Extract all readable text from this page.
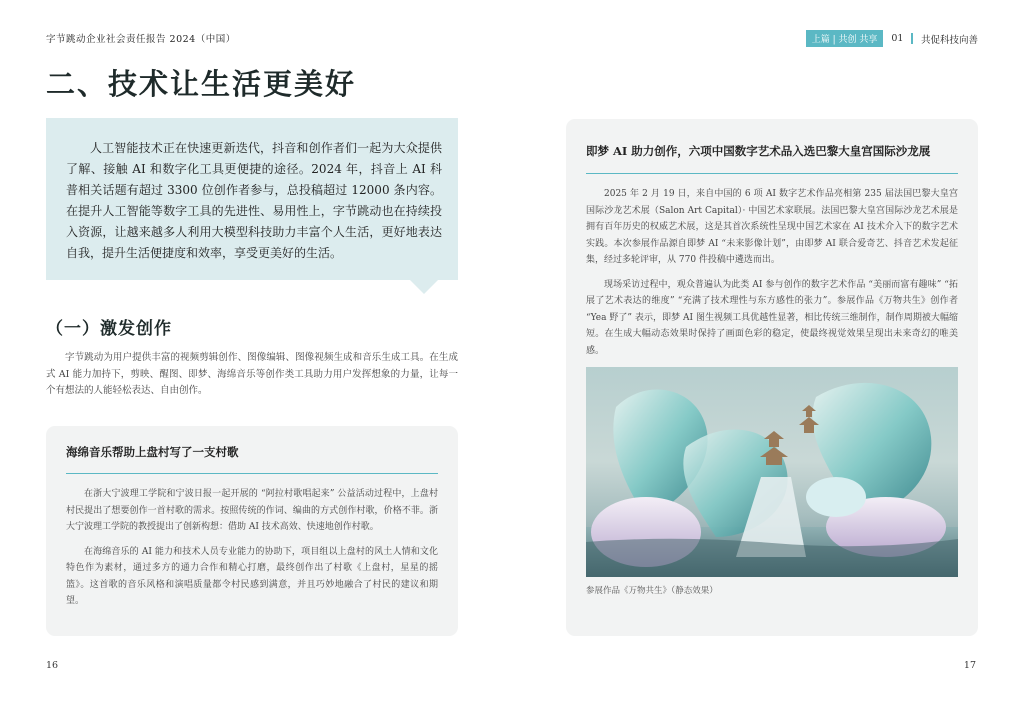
字节跳动企业社会责任报告 2024（中国）	上篇 | 共创 共享	01 共促科技向善
二、技术让生活更美好

人工智能技术正在快速更新迭代，抖音和创作者们一起为大众提供了解、接触 AI 和数字化工具更便捷的途径。2024 年，抖音上 AI 科普相关话题有超过 3300 位创作者参与，总投稿超过 12000 条内容。在提升人工智能等数字工具的先进性、易用性上，字节跳动也在持续投入资源，让越来越多人利用大模型科技助力丰富个人生活，更好地表达自我，提升生活便捷度和效率，享受更美好的生活。

（一）激发创作

字节跳动为用户提供丰富的视频剪辑创作、图像编辑、图像视频生成和音乐生成工具。在生成式 AI 能力加持下，剪映、醒图、即梦、海绵音乐等创作类工具助力用户发挥想象的力量，让每一个有想法的人能轻松表达、自由创作。

海绵音乐帮助上盘村写了一支村歌

在浙大宁波理工学院和宁波日报一起开展的 “阿拉村歌唱起来” 公益活动过程中，上盘村村民提出了想要创作一首村歌的需求。按照传统的作词、编曲的方式创作村歌，价格不菲。浙大宁波理工学院的教授提出了创新构想：借助 AI 技术高效、快速地创作村歌。

在海绵音乐的 AI 能力和技术人员专业能力的协助下，项目组以上盘村的风土人情和文化特色作为素材，通过多方的通力合作和精心打磨，最终创作出了村歌《上盘村，星星的摇篮》。这首歌的音乐风格和演唱质量都令村民感到满意，并且巧妙地融合了村民的建议和期望。

即梦 AI 助力创作，六项中国数字艺术品入选巴黎大皇宫国际沙龙展

2025 年 2 月 19 日，来自中国的 6 项 AI 数字艺术作品亮相第 235 届法国巴黎大皇宫国际沙龙艺术展（Salon Art Capital）· 中国艺术家联展。法国巴黎大皇宫国际沙龙艺术展是拥有百年历史的权威艺术展，这是其首次系统性呈现中国艺术家在 AI 技术介入下的数字艺术实践。本次参展作品源自即梦 AI “未来影像计划”，由即梦 AI 联合爱奇艺、抖音艺术发起征集，经过多轮评审，从 770 件投稿中遴选而出。

现场采访过程中，观众普遍认为此类 AI 参与创作的数字艺术作品 “美丽而富有趣味” “拓展了艺术表达的维度” “充满了技术理性与东方感性的张力”。参展作品《万物共生》创作者 “Yea 野了” 表示，即梦 AI 图生视频工具优越性显著，相比传统三维制作，制作周期被大幅缩短。在生成大幅动态效果时保持了画面色彩的稳定，使最终视觉效果呈现出未来奇幻的唯美感。

参展作品《万物共生》（静态效果）
16	17
